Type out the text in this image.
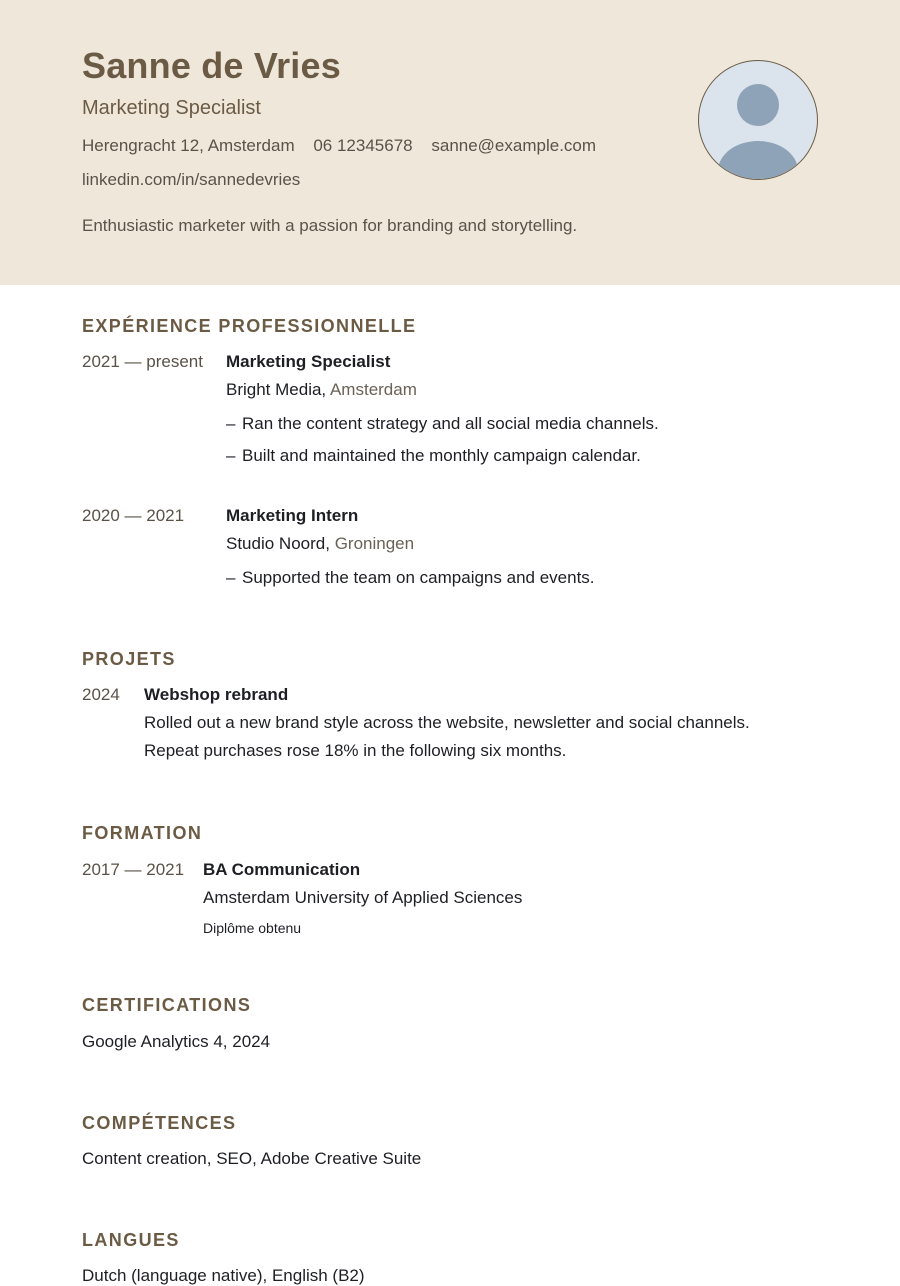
Sanne de Vries
Marketing Specialist
Herengracht 12, Amsterdam 06 12345678 sanne@example.com
linkedin.com/in/sannedevries
Enthusiastic marketer with a passion for branding and storytelling.
EXPÉRIENCE PROFESSIONNELLE
2021 — present Marketing Specialist
Bright Media, Amsterdam
– Ran the content strategy and all social media channels.
– Built and maintained the monthly campaign calendar.
2020 — 2021 Marketing Intern
Studio Noord, Groningen
– Supported the team on campaigns and events.
PROJETS
2024 Webshop rebrand
Rolled out a new brand style across the website, newsletter and social channels.
Repeat purchases rose 18% in the following six months.
FORMATION
2017 — 2021 BA Communication
Amsterdam University of Applied Sciences
Diplôme obtenu
CERTIFICATIONS
Google Analytics 4, 2024
COMPÉTENCES
Content creation, SEO, Adobe Creative Suite
LANGUES
Dutch (language native), English (B2)
